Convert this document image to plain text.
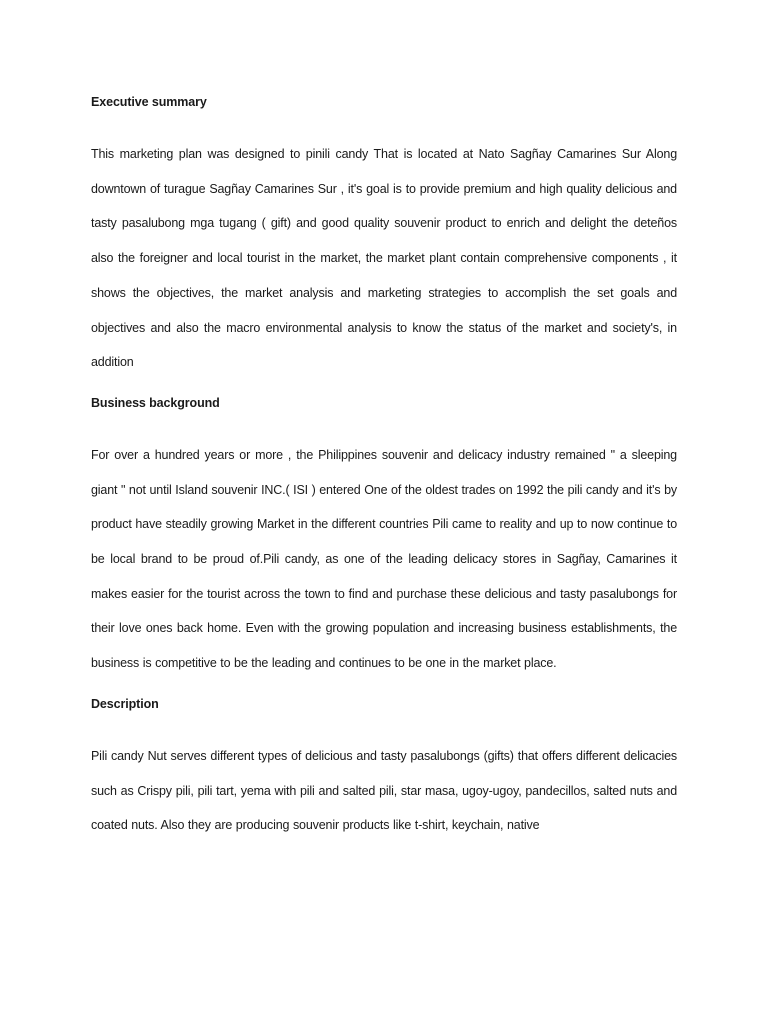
Executive summary

This marketing plan was designed to pinili candy That is located at Nato Sagñay Camarines Sur Along downtown of turague Sagñay Camarines Sur , it's goal is to provide premium and high quality delicious and tasty pasalubong mga tugang ( gift) and good quality souvenir product to enrich and delight the deteños also the foreigner and local tourist in the market, the market plant contain comprehensive components , it shows the objectives, the market analysis and marketing strategies to accomplish the set goals and objectives and also the macro environmental analysis to know the status of the market and society's, in addition

Business background

For over a hundred years or more , the Philippines souvenir and delicacy industry remained " a sleeping giant " not until Island souvenir INC.( ISI ) entered One of the oldest trades on 1992 the pili candy and it's by product have steadily growing Market in the different countries Pili came to reality and up to now continue to be local brand to be proud of.Pili candy, as one of the leading delicacy stores in Sagñay, Camarines it makes easier for the tourist across the town to find and purchase these delicious and tasty pasalubongs for their love ones back home. Even with the growing population and increasing business establishments, the business is competitive to be the leading and continues to be one in the market place.

Description

Pili candy Nut serves different types of delicious and tasty pasalubongs (gifts) that offers different delicacies such as Crispy pili, pili tart, yema with pili and salted pili, star masa, ugoy-ugoy, pandecillos, salted nuts and coated nuts. Also they are producing souvenir products like t-shirt, keychain, native
